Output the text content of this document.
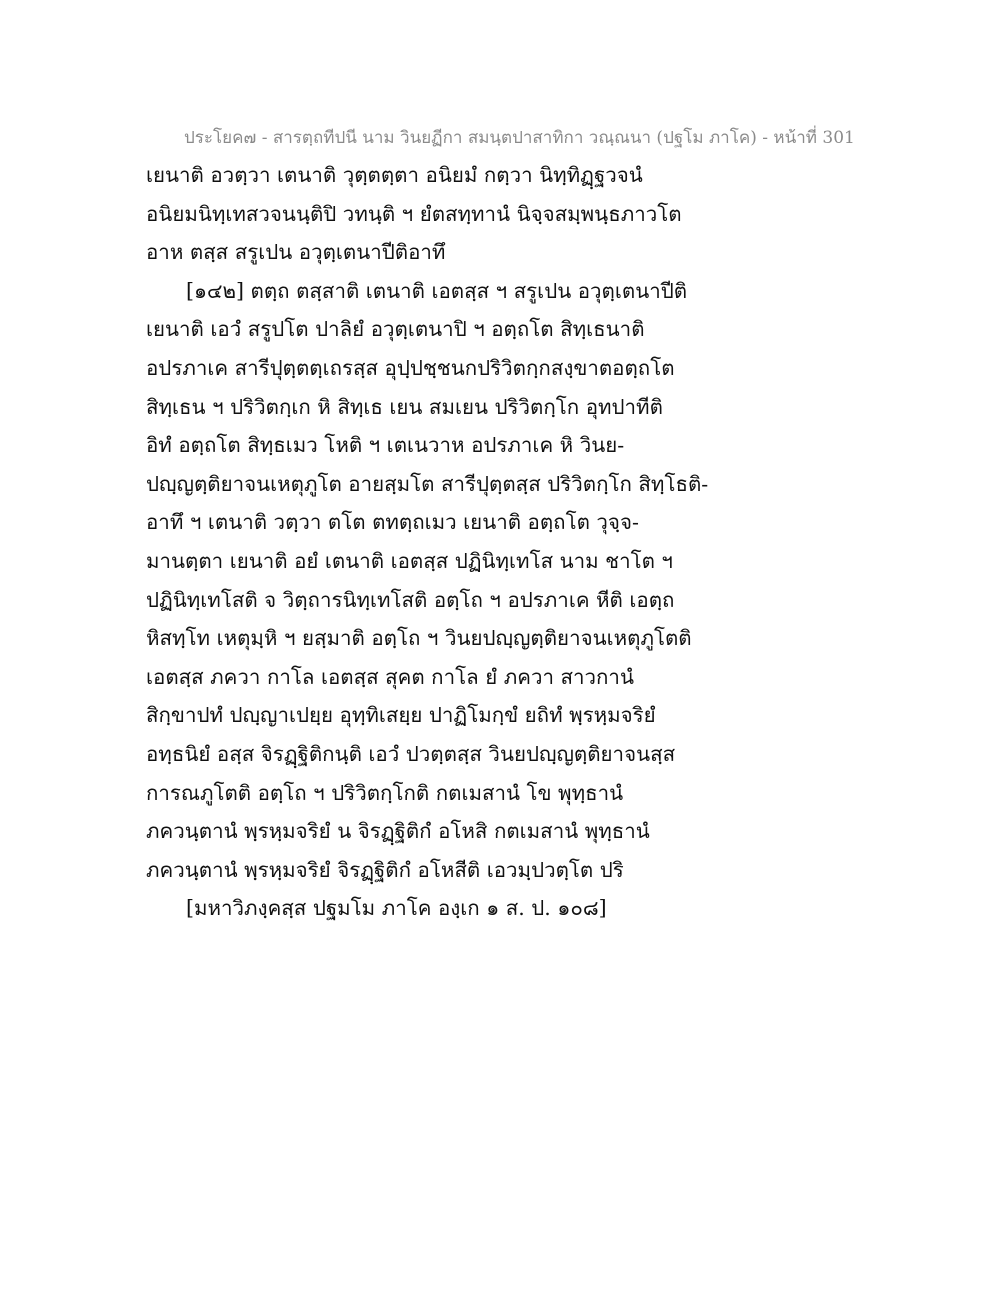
ประโยค๗ - สารตฺถทีปนี นาม วินยฏีกา สมนฺตปาสาทิกา วณฺณนา (ปฐโม ภาโค) - หน้าที่ 301
เยนาติ อวตฺวา เตนาติ วุตฺตตฺตา อนิยมํ กตฺวา นิทฺทิฏฺฐวจนํ
อนิยมนิทฺเทสวจนนฺติปิ วทนฺติ ฯ ยํตสทฺทานํ นิจฺจสมฺพนฺธภาวโต
อาห ตสฺส สรูเปน อวุตฺเตนาปีติอาทึ
[๑๔๒] ตตฺถ ตสฺสาติ เตนาติ เอตสฺส ฯ สรูเปน อวุตฺเตนาปีติ
เยนาติ เอวํ สรูปโต ปาลิยํ อวุตฺเตนาปิ ฯ อตฺถโต สิทฺเธนาติ
อปรภาเค สารีปุตฺตตฺเถรสฺส อุปฺปชฺชนกปริวิตกฺกสงฺขาตอตฺถโต
สิทฺเธน ฯ ปริวิตกฺเก หิ สิทฺเธ เยน สมเยน ปริวิตกฺโก อุทปาทีติ
อิทํ อตฺถโต สิทฺธเมว โหติ ฯ เตเนวาห อปรภาเค หิ วินย-
ปญฺญตฺติยาจนเหตุภูโต อายสฺมโต สารีปุตฺตสฺส ปริวิตกฺโก สิทฺโธติ-
อาทึ ฯ เตนาติ วตฺวา ตโต ตทตฺถเมว เยนาติ อตฺถโต วุจฺจ-
มานตฺตา เยนาติ อยํ เตนาติ เอตสฺส ปฏินิทฺเทโส นาม ชาโต ฯ
ปฏินิทฺเทโสติ จ วิตฺถารนิทฺเทโสติ อตฺโถ ฯ อปรภาเค หีติ เอตฺถ
หิสทฺโท เหตุมฺหิ ฯ ยสฺมาติ อตฺโถ ฯ วินยปญฺญตฺติยาจนเหตุภูโตติ
เอตสฺส ภควา กาโล เอตสฺส สุคต กาโล ยํ ภควา สาวกานํ
สิกฺขาปทํ ปญฺญาเปยฺย อุทฺทิเสยฺย ปาฏิโมกฺขํ ยถิทํ พฺรหฺมจริยํ
อทฺธนิยํ อสฺส จิรฏฺฐิติกนฺติ เอวํ ปวตฺตสฺส วินยปญฺญตฺติยาจนสฺส
การณภูโตติ อตฺโถ ฯ ปริวิตกฺโกติ กตเมสานํ โข พุทฺธานํ
ภควนฺตานํ พฺรหฺมจริยํ น จิรฏฺฐิติกํ อโหสิ กตเมสานํ พุทฺธานํ
ภควนฺตานํ พฺรหฺมจริยํ จิรฏฺฐิติกํ อโหสีติ เอวมฺปวตฺโต ปริ
[มหาวิภงฺคสฺส ปฐมโม ภาโค องฺเก ๑ ส. ป. ๑๐๘]
